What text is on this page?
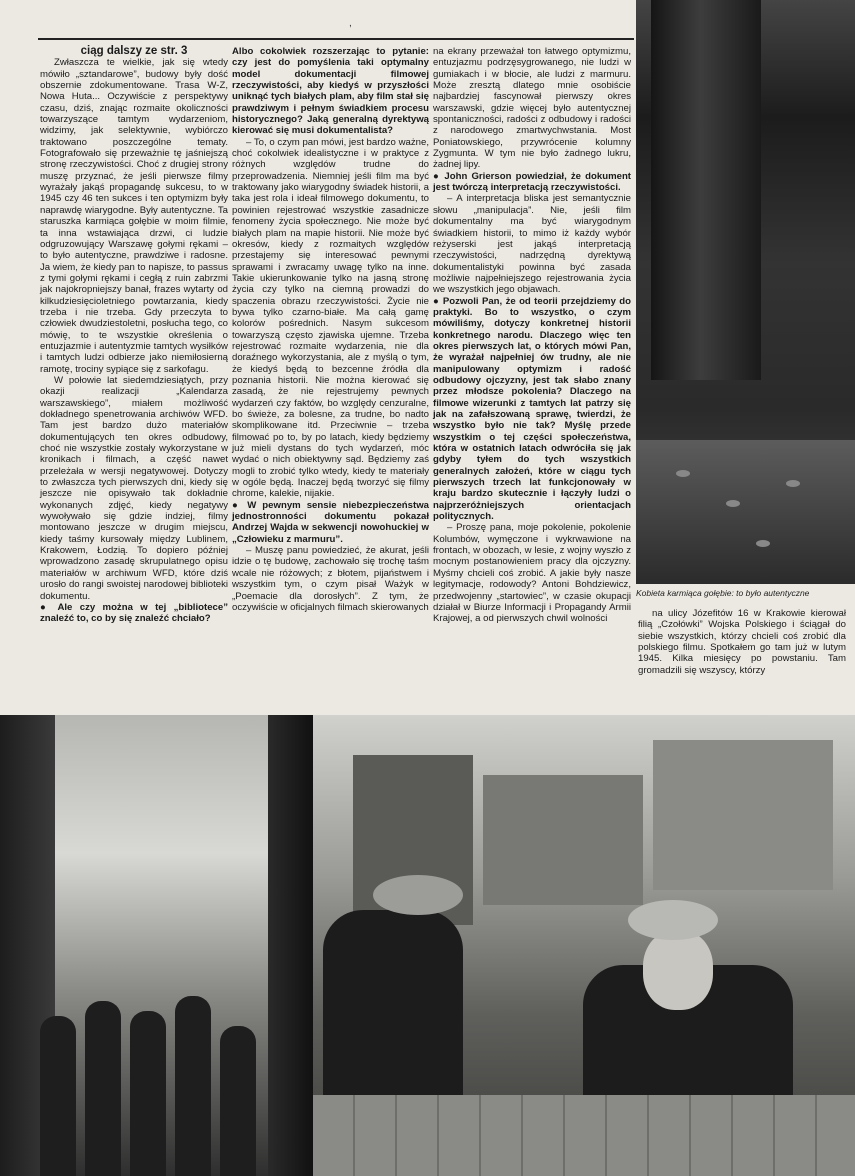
,

ciąg dalszy ze str. 3

Zwłaszcza te wielkie, jak się wtedy mówiło „sztandarowe”, budowy były dość obszernie zdokumentowane. Trasa W-Z, Nowa Huta... Oczywiście z perspektywy czasu, dziś, znając rozmaite okoliczności towarzyszące tamtym wydarzeniom, widzimy, jak selektywnie, wybiórczo traktowano poszczególne tematy. Fotografowało się przeważnie tę jaśniejszą stronę rzeczywistości. Choć z drugiej strony muszę przyznać, że jeśli pierwsze filmy wyrażały jakąś propagandę sukcesu, to w 1945 czy 46 ten sukces i ten optymizm były naprawdę wiarygodne. Były autentyczne. Ta staruszka karmiąca gołębie w moim filmie, ta inna wstawiająca drzwi, ci ludzie odgruzowujący Warszawę gołymi rękami – to było autentyczne, prawdziwe i radosne. Ja wiem, że kiedy pan to napisze, to passus z tymi gołymi rękami i cegłą z ruin zabrzmi jak najokropniejszy banał, frazes wytarty od kilkudziesięcioletniego powtarzania, kiedy trzeba i nie trzeba. Gdy przeczyta to człowiek dwudziestoletni, posłucha tego, co mówię, to te wszystkie określenia o entuzjazmie i autentyzmie tamtych wysiłków i tamtych ludzi odbierze jako niemiłosierną ramotę, trociny sypiące się z sarkofagu.

W połowie lat siedemdziesiątych, przy okazji realizacji „Kalendarza warszawskiego”, miałem możliwość dokładnego spenetrowania archiwów WFD. Tam jest bardzo dużo materiałów dokumentujących ten okres odbudowy, choć nie wszystkie zostały wykorzystane w kronikach i filmach, a część nawet przeleżała w wersji negatywowej. Dotyczy to zwłaszcza tych pierwszych dni, kiedy się jeszcze nie opisywało tak dokładnie wykonanych zdjęć, kiedy negatywy wywoływało się gdzie indziej, filmy montowano jeszcze w drugim miejscu, kiedy taśmy kursowały między Lublinem, Krakowem, Łodzią. To dopiero później wprowadzono zasadę skrupulatnego opisu materiałów w archiwum WFD, które dziś urosło do rangi swoistej narodowej biblioteki dokumentu.

● Ale czy można w tej „bibliotece” znaleźć to, co by się znaleźć chciało?

Albo cokolwiek rozszerzając to pytanie: czy jest do pomyślenia taki optymalny model dokumentacji filmowej rzeczywistości, aby kiedyś w przyszłości uniknąć tych białych plam, aby film stał się prawdziwym i pełnym świadkiem procesu historycznego? Jaką generalną dyrektywą kierować się musi dokumentalista?

– To, o czym pan mówi, jest bardzo ważne, choć cokolwiek idealistyczne i w praktyce z różnych względów trudne do przeprowadzenia. Niemniej jeśli film ma być traktowany jako wiarygodny świadek historii, a taka jest rola i ideał filmowego dokumentu, to powinien rejestrować wszystkie zasadnicze fenomeny życia społecznego. Nie może być białych plam na mapie historii. Nie może być okresów, kiedy z rozmaitych względów przestajemy się interesować pewnymi sprawami i zwracamy uwagę tylko na inne. Takie ukierunkowanie tylko na jasną stronę życia czy tylko na ciemną prowadzi do spaczenia obrazu rzeczywistości. Życie nie bywa tylko czarno-białe. Ma całą gamę kolorów pośrednich. Nasym sukcesom towarzyszą często zjawiska ujemne. Trzeba rejestrować rozmaite wydarzenia, nie dla doraźnego wykorzystania, ale z myślą o tym, że kiedyś będą to bezcenne źródła dla poznania historii. Nie można kierować się zasadą, że nie rejestrujemy pewnych wydarzeń czy faktów, bo względy cenzuralne, bo świeże, za bolesne, za trudne, bo nadto skomplikowane itd. Przeciwnie – trzeba filmować po to, by po latach, kiedy będziemy już mieli dystans do tych wydarzeń, móc wydać o nich obiektywny sąd. Będziemy zaś mogli to zrobić tylko wtedy, kiedy te materiały w ogóle będą. Inaczej będą tworzyć się filmy chrome, kalekie, nijakie.

● W pewnym sensie niebezpieczeństwa jednostronności dokumentu pokazał Andrzej Wajda w sekwencji nowohuckiej w „Człowieku z marmuru”.

– Muszę panu powiedzieć, że akurat, jeśli idzie o tę budowę, zachowało się trochę taśm wcale nie różowych; z błotem, pijaństwem i wszystkim tym, o czym pisał Ważyk w „Poemacie dla dorosłych”. Z tym, że oczywiście w oficjalnych filmach skierowanych

na ekrany przeważał ton łatwego optymizmu, entuzjazmu podrzęsygrowanego, nie ludzi w gumiakach i w błocie, ale ludzi z marmuru. Może zresztą dlatego mnie osobiście najbardziej fascynował pierwszy okres warszawski, gdzie więcej było autentycznej spontaniczności, radości z odbudowy i radości z narodowego zmartwychwstania. Most Poniatowskiego, przywrócenie kolumny Zygmunta. W tym nie było żadnego lukru, żadnej lipy.

● John Grierson powiedział, że dokument jest twórczą interpretacją rzeczywistości.

– A interpretacja bliska jest semantycznie słowu „manipulacja”. Nie, jeśli film dokumentalny ma być wiarygodnym świadkiem historii, to mimo iż każdy wybór reżyserski jest jakąś interpretacją rzeczywistości, nadrzędną dyrektywą dokumentalistyki powinna być zasada możliwie najpełniejszego rejestrowania życia we wszystkich jego objawach.

● Pozwoli Pan, że od teorii przejdziemy do praktyki. Bo to wszystko, o czym mówiliśmy, dotyczy konkretnej historii konkretnego narodu. Dlaczego więc ten okres pierwszych lat, o których mówi Pan, że wyrażał najpełniej ów trudny, ale nie manipulowany optymizm i radość odbudowy ojczyzny, jest tak słabo znany przez młodsze pokolenia? Dlaczego na filmowe wizerunki z tamtych lat patrzy się jak na zafałszowaną sprawę, twierdzi, że wszystko było nie tak? Myślę przede wszystkim o tej części społeczeństwa, która w ostatnich latach odwróciła się jak gdyby tyłem do tych wszystkich generalnych założeń, które w ciągu tych pierwszych trzech lat funkcjonowały w kraju bardzo skutecznie i łączyły ludzi o najprzeróżniejszych orientacjach politycznych.

– Proszę pana, moje pokolenie, pokolenie Kolumbów, wymęczone i wykrwawione na frontach, w obozach, w lesie, z wojny wyszło z mocnym postanowieniem pracy dla ojczyzny. Myśmy chcieli coś zrobić. A jakie były nasze legitymacje, rodowody? Antoni Bohdziewicz, przedwojenny „startowiec”, w czasie okupacji działał w Biurze Informacji i Propagandy Armii Krajowej, a od pierwszych chwil wolności

Kobieta karmiąca gołębie: to było autentyczne

na ulicy Józefitów 16 w Krakowie kierował filią „Czołówki” Wojska Polskiego i ściągał do siebie wszystkich, którzy chcieli coś zrobić dla polskiego filmu. Spotkałem go tam już w lutym 1945. Kilka miesięcy po powstaniu. Tam gromadzili się wszyscy, którzy
